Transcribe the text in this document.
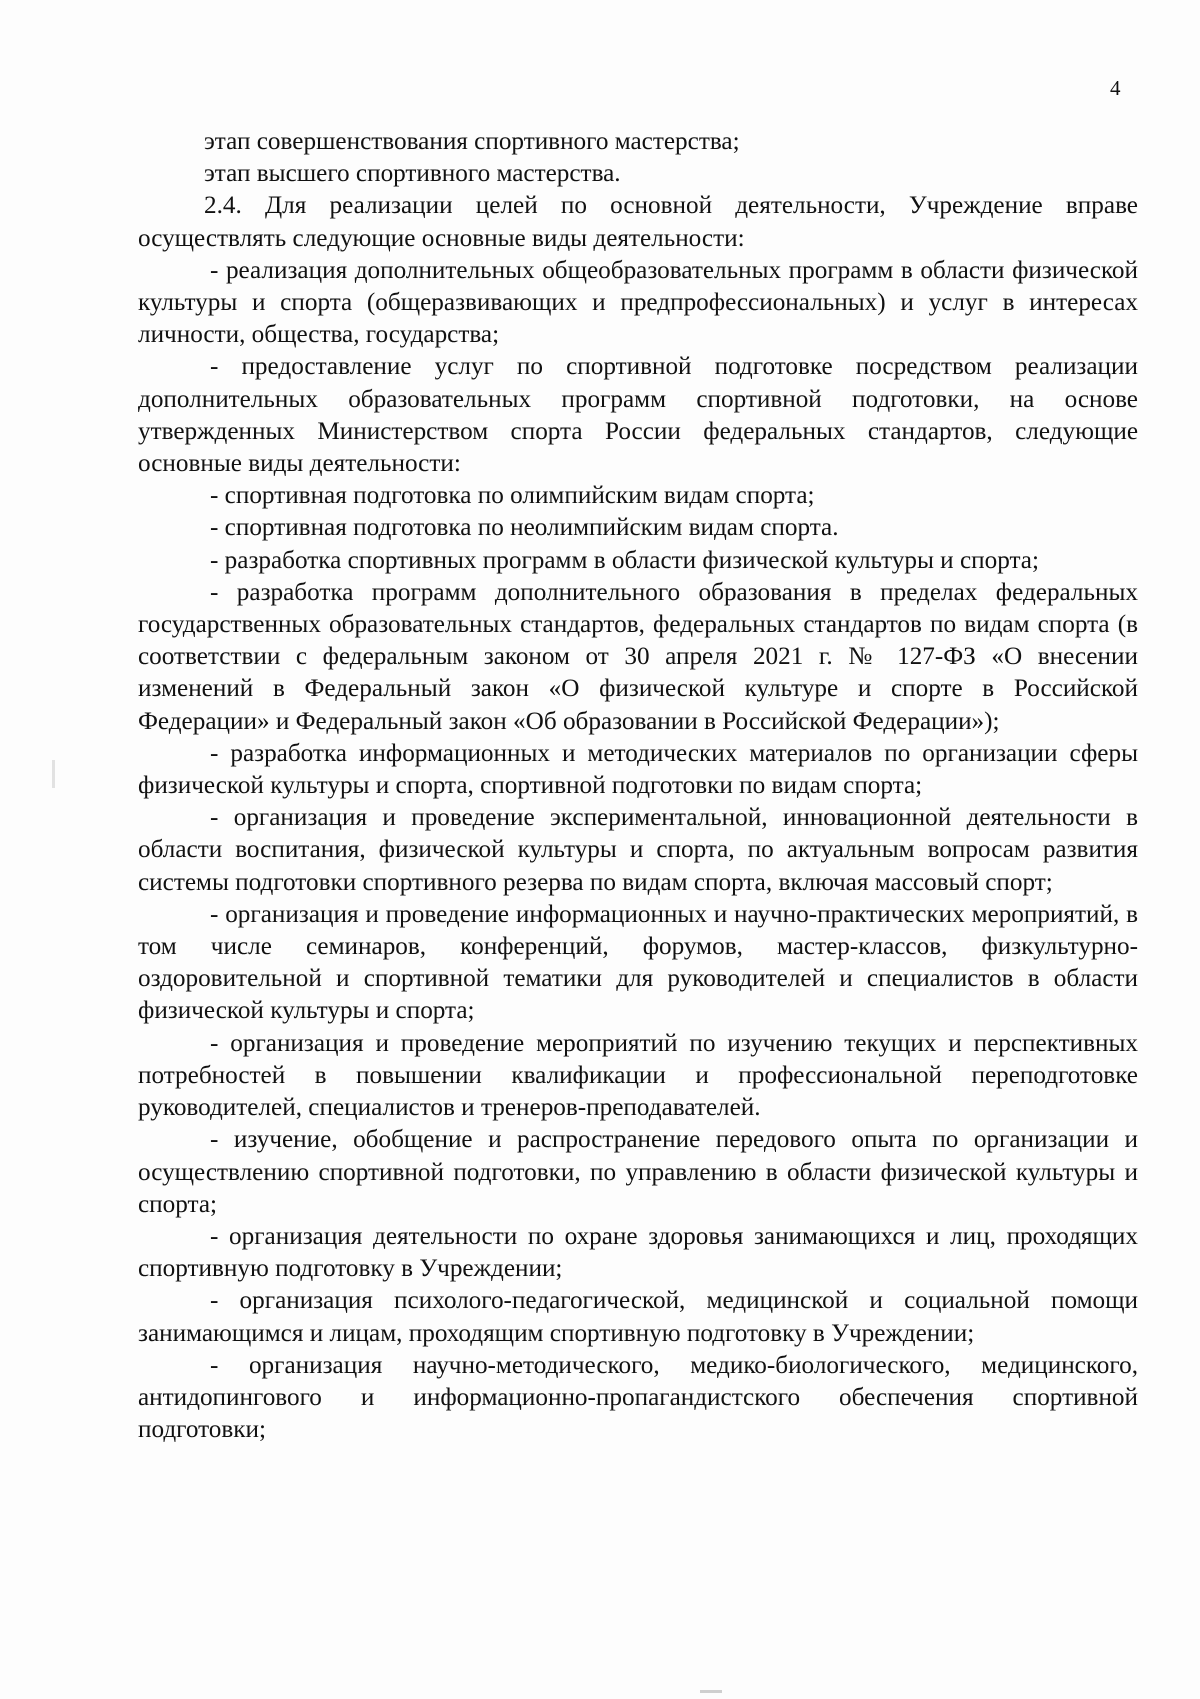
4

этап совершенствования спортивного мастерства;

этап высшего спортивного мастерства.

2.4. Для реализации целей по основной деятельности, Учреждение вправе осуществлять следующие основные виды деятельности:

- реализация дополнительных общеобразовательных программ в области физической культуры и спорта (общеразвивающих и предпрофессиональных) и услуг в интересах личности, общества, государства;

- предоставление услуг по спортивной подготовке посредством реализации дополнительных образовательных программ спортивной подготовки, на основе утвержденных Министерством спорта России федеральных стандартов, следующие основные виды деятельности:

- спортивная подготовка по олимпийским видам спорта;

- спортивная подготовка по неолимпийским видам спорта.

- разработка спортивных программ в области физической культуры и спорта;

- разработка программ дополнительного образования в пределах федеральных государственных образовательных стандартов, федеральных стандартов по видам спорта (в соответствии с федеральным законом от 30 апреля 2021 г. № 127-ФЗ «О внесении изменений в Федеральный закон «О физической культуре и спорте в Российской Федерации» и Федеральный закон «Об образовании в Российской Федерации»);

- разработка информационных и методических материалов по организации сферы физической культуры и спорта, спортивной подготовки по видам спорта;

- организация и проведение экспериментальной, инновационной деятельности в области воспитания, физической культуры и спорта, по актуальным вопросам развития системы подготовки спортивного резерва по видам спорта, включая массовый спорт;

- организация и проведение информационных и научно-практических мероприятий, в том числе семинаров, конференций, форумов, мастер-классов, физкультурно-оздоровительной и спортивной тематики для руководителей и специалистов в области физической культуры и спорта;

- организация и проведение мероприятий по изучению текущих и перспективных потребностей в повышении квалификации и профессиональной переподготовке руководителей, специалистов и тренеров-преподавателей.

- изучение, обобщение и распространение передового опыта по организации и осуществлению спортивной подготовки, по управлению в области физической культуры и спорта;

- организация деятельности по охране здоровья занимающихся и лиц, проходящих спортивную подготовку в Учреждении;

- организация психолого-педагогической, медицинской и социальной помощи занимающимся и лицам, проходящим спортивную подготовку в Учреждении;

- организация научно-методического, медико-биологического, медицинского, антидопингового и информационно-пропагандистского обеспечения спортивной подготовки;
